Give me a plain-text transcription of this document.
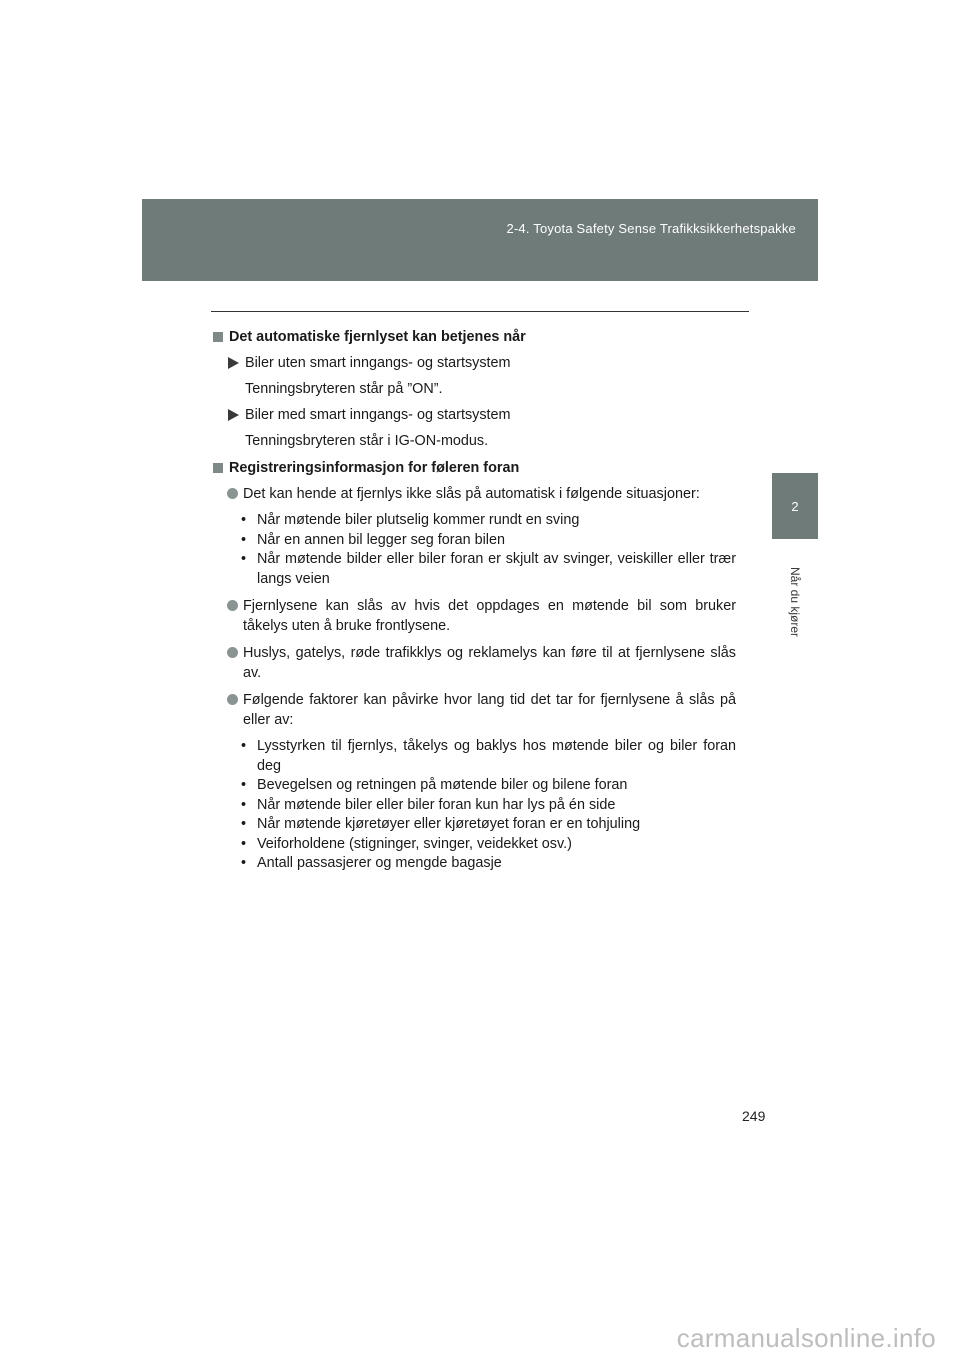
2-4. Toyota Safety Sense Trafikksikkerhetspakke
2
Når du kjører
Det automatiske fjernlyset kan betjenes når
Biler uten smart inngangs- og startsystem
Tenningsbryteren står på ”ON”.
Biler med smart inngangs- og startsystem
Tenningsbryteren står i IG-ON-modus.
Registreringsinformasjon for føleren foran
Det kan hende at fjernlys ikke slås på automatisk i følgende situasjoner:
• Når møtende biler plutselig kommer rundt en sving
• Når en annen bil legger seg foran bilen
• Når møtende bilder eller biler foran er skjult av svinger, veiskiller eller trær langs veien
Fjernlysene kan slås av hvis det oppdages en møtende bil som bruker tåkelys uten å bruke frontlysene.
Huslys, gatelys, røde trafikklys og reklamelys kan føre til at fjernlysene slås av.
Følgende faktorer kan påvirke hvor lang tid det tar for fjernlysene å slås på eller av:
• Lysstyrken til fjernlys, tåkelys og baklys hos møtende biler og biler foran deg
• Bevegelsen og retningen på møtende biler og bilene foran
• Når møtende biler eller biler foran kun har lys på én side
• Når møtende kjøretøyer eller kjøretøyet foran er en tohjuling
• Veiforholdene (stigninger, svinger, veidekket osv.)
• Antall passasjerer og mengde bagasje
249
carmanualsonline.info
